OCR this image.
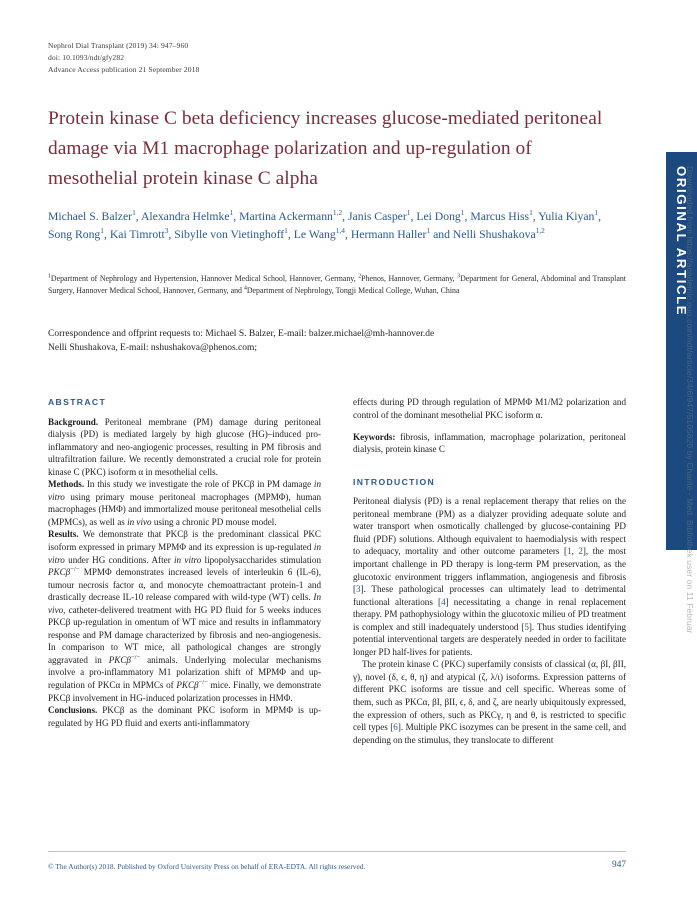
Nephrol Dial Transplant (2019) 34: 947–960
doi: 10.1093/ndt/gfy282
Advance Access publication 21 September 2018
Protein kinase C beta deficiency increases glucose-mediated peritoneal damage via M1 macrophage polarization and up-regulation of mesothelial protein kinase C alpha
Michael S. Balzer$^1$, Alexandra Helmke$^1$, Martina Ackermann$^{1,2}$, Janis Casper$^1$, Lei Dong$^1$, Marcus Hiss$^1$, Yulia Kiyan$^1$, Song Rong$^1$, Kai Timrott$^3$, Sibylle von Vietinghoff$^1$, Le Wang$^{1,4}$, Hermann Haller$^1$ and Nelli Shushakova$^{1,2}$
$^1$Department of Nephrology and Hypertension, Hannover Medical School, Hannover, Germany, $^2$Phenos, Hannover, Germany, $^3$Department for General, Abdominal and Transplant Surgery, Hannover Medical School, Hannover, Germany, and $^4$Department of Nephrology, Tongji Medical College, Wuhan, China
Correspondence and offprint requests to: Michael S. Balzer, E-mail: balzer.michael@mh-hannover.de
Nelli Shushakova, E-mail: nshushakova@phenos.com;
ABSTRACT

Background. Peritoneal membrane (PM) damage during peritoneal dialysis (PD) is mediated largely by high glucose (HG)–induced pro-inflammatory and neo-angiogenic processes, resulting in PM fibrosis and ultrafiltration failure. We recently demonstrated a crucial role for protein kinase C (PKC) isoform α in mesothelial cells.

Methods. In this study we investigate the role of PKCβ in PM damage in vitro using primary mouse peritoneal macrophages (MPMΦ), human macrophages (HMΦ) and immortalized mouse peritoneal mesothelial cells (MPMCs), as well as in vivo using a chronic PD mouse model.

Results. We demonstrate that PKCβ is the predominant classical PKC isoform expressed in primary MPMΦ and its expression is up-regulated in vitro under HG conditions. After in vitro lipopolysaccharides stimulation PKCβ−/− MPMΦ demonstrates increased levels of interleukin 6 (IL-6), tumour necrosis factor α, and monocyte chemoattractant protein-1 and drastically decrease IL-10 release compared with wild-type (WT) cells. In vivo, catheter-delivered treatment with HG PD fluid for 5 weeks induces PKCβ up-regulation in omentum of WT mice and results in inflammatory response and PM damage characterized by fibrosis and neo-angiogenesis. In comparison to WT mice, all pathological changes are strongly aggravated in PKCβ−/− animals. Underlying molecular mechanisms involve a pro-inflammatory M1 polarization shift of MPMΦ and up-regulation of PKCα in MPMCs of PKCβ−/− mice. Finally, we demonstrate PKCβ involvement in HG-induced polarization processes in HMΦ.

Conclusions. PKCβ as the dominant PKC isoform in MPMΦ is up-regulated by HG PD fluid and exerts anti-inflammatory

effects during PD through regulation of MPMΦ M1/M2 polarization and control of the dominant mesothelial PKC isoform α.

Keywords: fibrosis, inflammation, macrophage polarization, peritoneal dialysis, protein kinase C

INTRODUCTION

Peritoneal dialysis (PD) is a renal replacement therapy that relies on the peritoneal membrane (PM) as a dialyzer providing adequate solute and water transport when osmotically challenged by glucose-containing PD fluid (PDF) solutions. Although equivalent to haemodialysis with respect to adequacy, mortality and other outcome parameters [1, 2], the most important challenge in PD therapy is long-term PM preservation, as the glucotoxic environment triggers inflammation, angiogenesis and fibrosis [3]. These pathological processes can ultimately lead to detrimental functional alterations [4] necessitating a change in renal replacement therapy. PM pathophysiology within the glucotoxic milieu of PD treatment is complex and still inadequately understood [5]. Thus studies identifying potential interventional targets are desperately needed in order to facilitate longer PD half-lives for patients.

The protein kinase C (PKC) superfamily consists of classical (α, βI, βII, γ), novel (δ, ϵ, θ, η) and atypical (ζ, λ/ι) isoforms. Expression patterns of different PKC isoforms are tissue and cell specific. Whereas some of them, such as PKCα, βI, βII, ϵ, δ, and ζ, are nearly ubiquitously expressed, the expression of others, such as PKCγ, η and θ, is restricted to specific cell types [6]. Multiple PKC isozymes can be present in the same cell, and depending on the stimulus, they translocate to different

ORIGINAL ARTICLE
Downloaded from https://academic.oup.com/ndt/article/34/6/947/5105820 by Charité - Med. Bibliothek user on 11 Februar
© The Author(s) 2018. Published by Oxford University Press on behalf of ERA-EDTA. All rights reserved.	947
